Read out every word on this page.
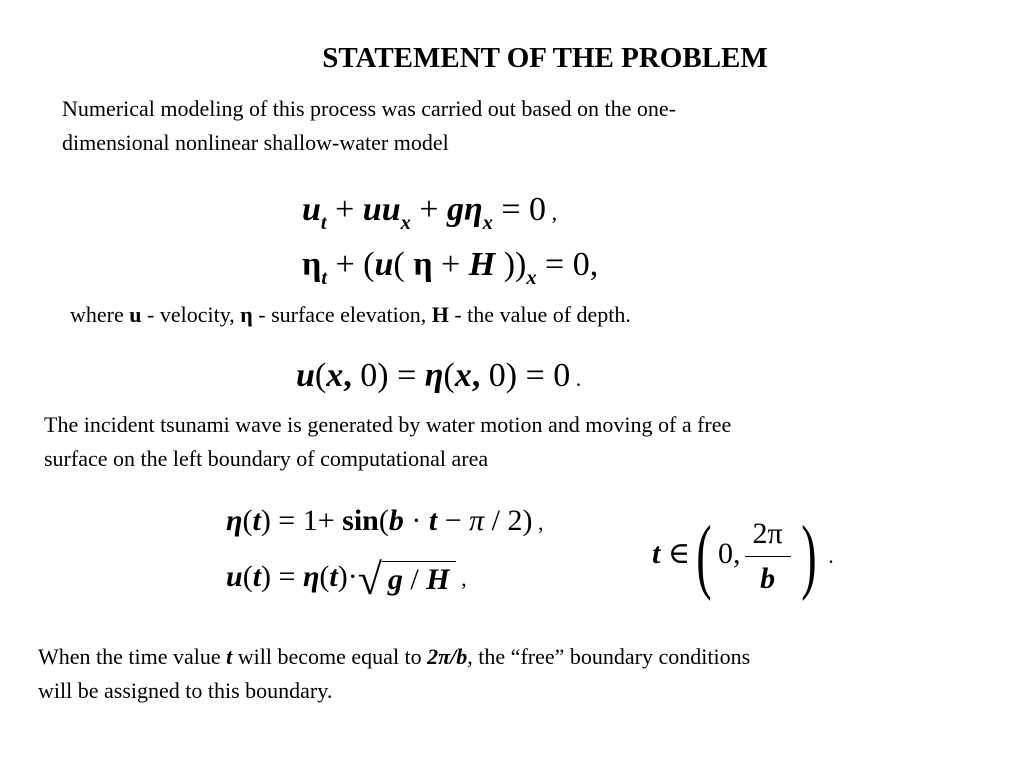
STATEMENT OF THE PROBLEM
Numerical modeling of this process was carried out based on the one-
dimensional nonlinear shallow-water model
$u_t + uu_x + g\eta_x = 0$ ,
$\eta_t + (u$( η + H ))$_x = 0$,
where u - velocity, η - surface elevation, H - the value of depth.
u(x, 0) = η(x, 0) = 0 .
The incident tsunami wave is generated by water motion and moving of a free
surface on the left boundary of computational area
η(t) = 1+ sin(b · t − π / 2) ,
u(t) = η(t)·√ g / H ,
t ∈( 0, $\frac{2\pi}{b}$ ) .
When the time value t will become equal to 2π/b, the “free” boundary conditions
will be assigned to this boundary.
